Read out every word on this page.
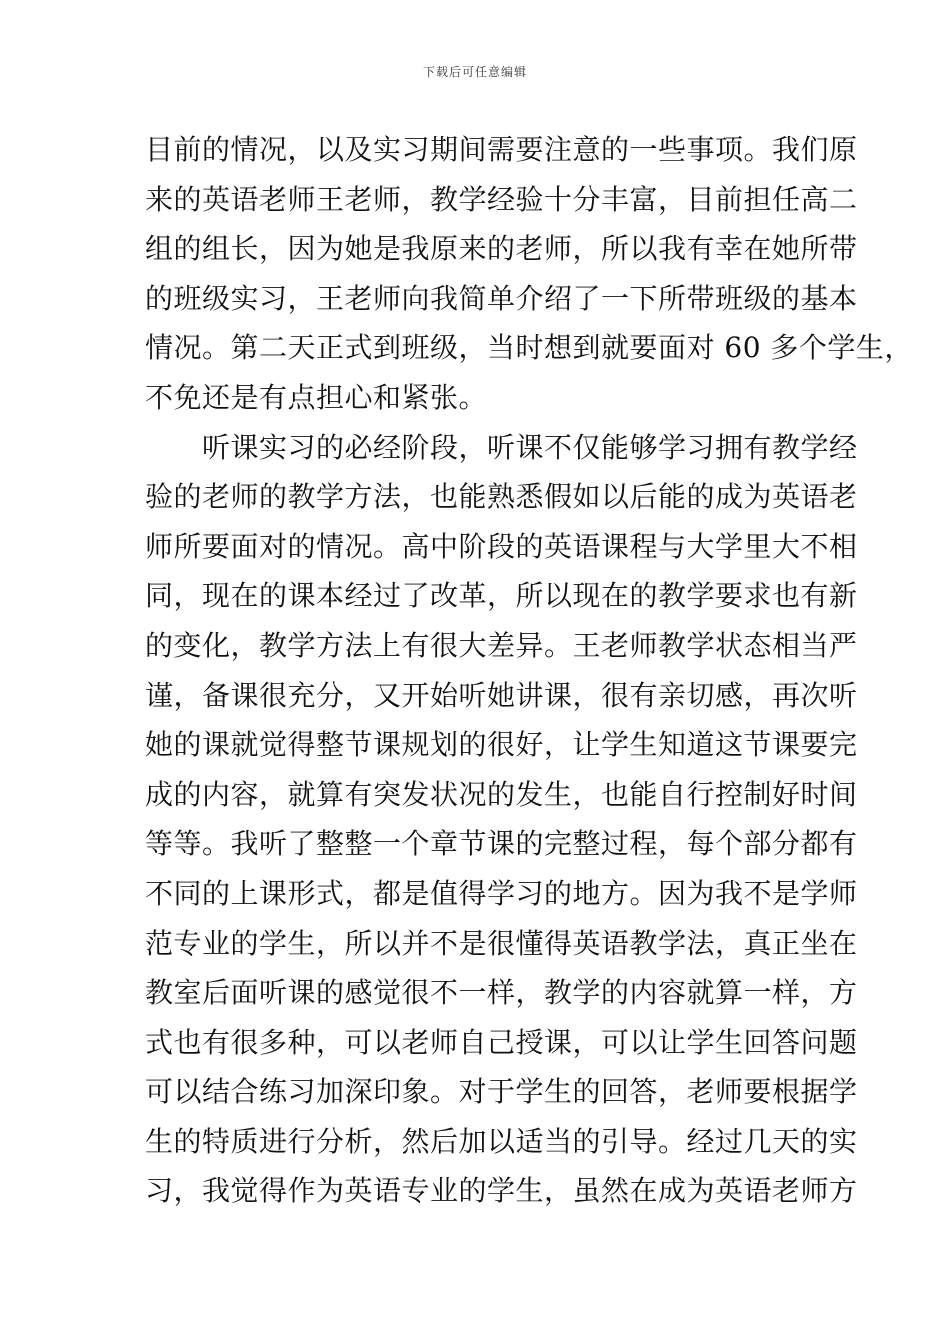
下载后可任意编辑
目前的情况，以及实习期间需要注意的一些事项。我们原
来的英语老师王老师，教学经验十分丰富，目前担任高二
组的组长，因为她是我原来的老师，所以我有幸在她所带
的班级实习，王老师向我简单介绍了一下所带班级的基本
情况。第二天正式到班级，当时想到就要面对 60 多个学生，
不免还是有点担心和紧张。
　　听课实习的必经阶段，听课不仅能够学习拥有教学经
验的老师的教学方法，也能熟悉假如以后能的成为英语老
师所要面对的情况。高中阶段的英语课程与大学里大不相
同，现在的课本经过了改革，所以现在的教学要求也有新
的变化，教学方法上有很大差异。王老师教学状态相当严
谨，备课很充分，又开始听她讲课，很有亲切感，再次听
她的课就觉得整节课规划的很好，让学生知道这节课要完
成的内容，就算有突发状况的发生，也能自行控制好时间
等等。我听了整整一个章节课的完整过程，每个部分都有
不同的上课形式，都是值得学习的地方。因为我不是学师
范专业的学生，所以并不是很懂得英语教学法，真正坐在
教室后面听课的感觉很不一样，教学的内容就算一样，方
式也有很多种，可以老师自己授课，可以让学生回答问题
可以结合练习加深印象。对于学生的回答，老师要根据学
生的特质进行分析，然后加以适当的引导。经过几天的实
习，我觉得作为英语专业的学生，虽然在成为英语老师方
